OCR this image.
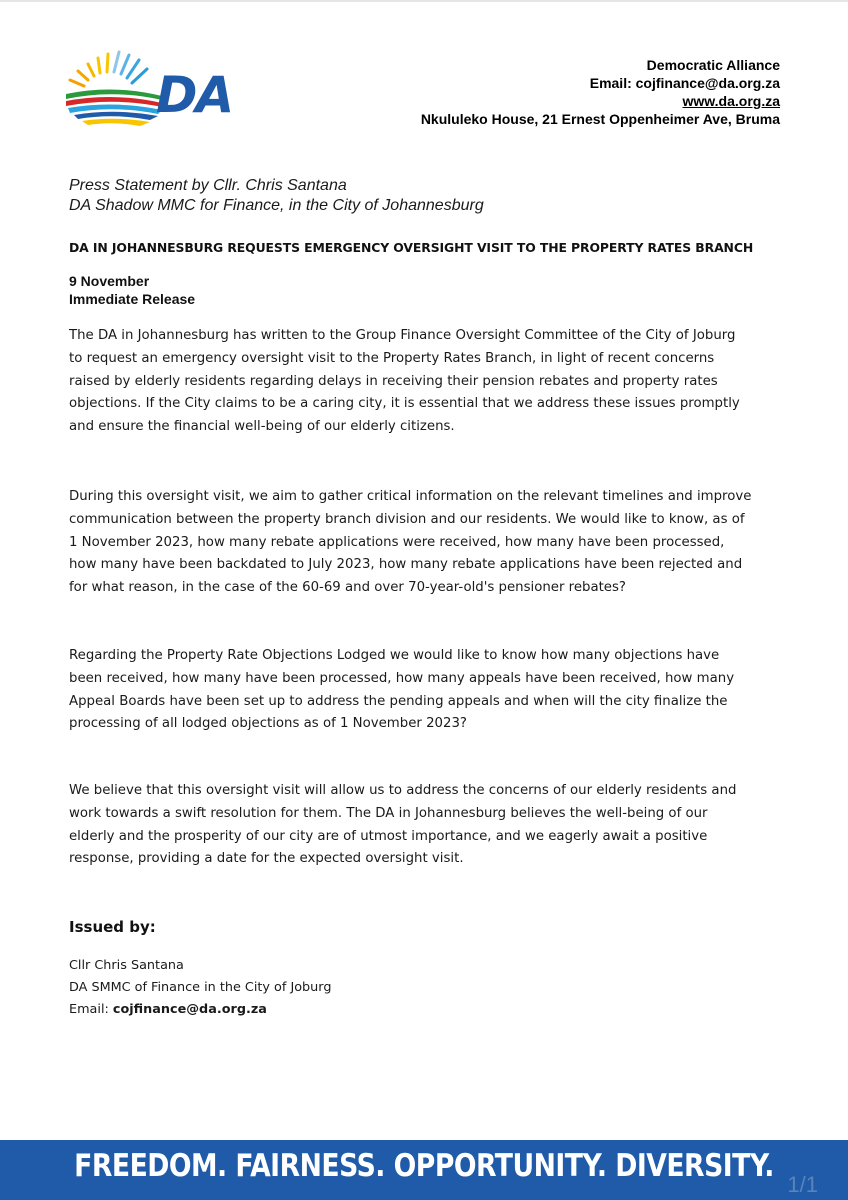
DA
Democratic Alliance
Email: cojfinance@da.org.za
www.da.org.za
Nkululeko House, 21 Ernest Oppenheimer Ave, Bruma
Press Statement by Cllr. Chris Santana
DA Shadow MMC for Finance, in the City of Johannesburg
DA IN JOHANNESBURG REQUESTS EMERGENCY OVERSIGHT VISIT TO THE PROPERTY RATES BRANCH
9 November
Immediate Release
The DA in Johannesburg has written to the Group Finance Oversight Committee of the City of Joburg
to request an emergency oversight visit to the Property Rates Branch, in light of recent concerns
raised by elderly residents regarding delays in receiving their pension rebates and property rates
objections. If the City claims to be a caring city, it is essential that we address these issues promptly
and ensure the financial well-being of our elderly citizens.
During this oversight visit, we aim to gather critical information on the relevant timelines and improve
communication between the property branch division and our residents. We would like to know, as of
1 November 2023, how many rebate applications were received, how many have been processed,
how many have been backdated to July 2023, how many rebate applications have been rejected and
for what reason, in the case of the 60-69 and over 70-year-old's pensioner rebates?
Regarding the Property Rate Objections Lodged we would like to know how many objections have
been received, how many have been processed, how many appeals have been received, how many
Appeal Boards have been set up to address the pending appeals and when will the city finalize the
processing of all lodged objections as of 1 November 2023?
We believe that this oversight visit will allow us to address the concerns of our elderly residents and
work towards a swift resolution for them. The DA in Johannesburg believes the well-being of our
elderly and the prosperity of our city are of utmost importance, and we eagerly await a positive
response, providing a date for the expected oversight visit.
Issued by:
Cllr Chris Santana
DA SMMC of Finance in the City of Joburg
Email: cojfinance@da.org.za
FREEDOM. FAIRNESS. OPPORTUNITY. DIVERSITY.
1/1
